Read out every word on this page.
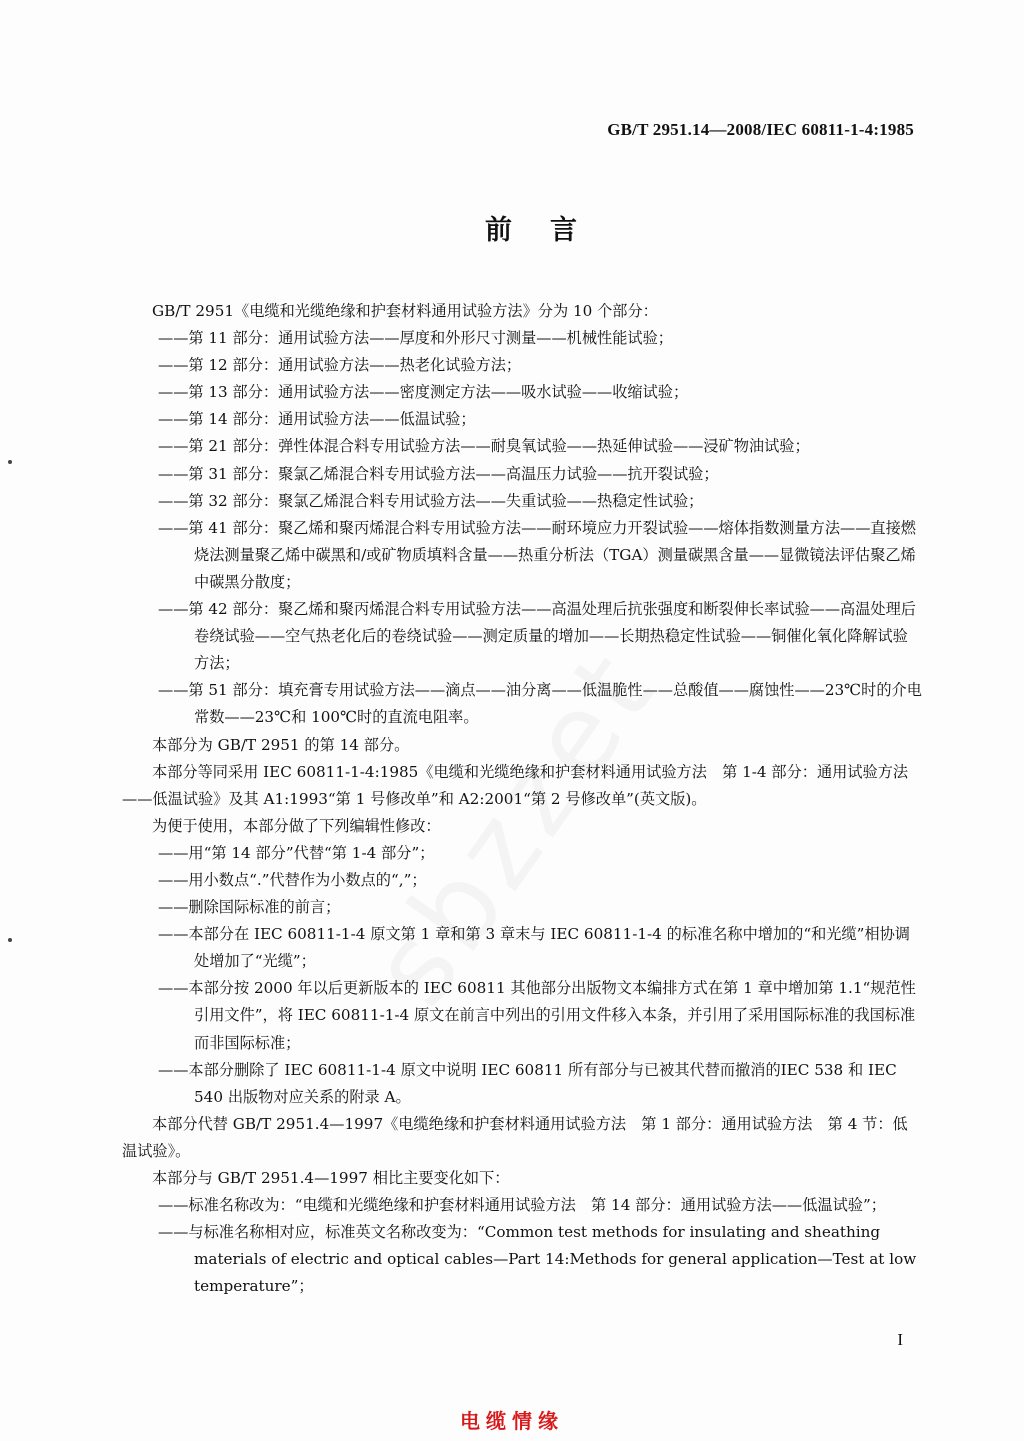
GB/T 2951.14—2008/IEC 60811-1-4:1985
前言

GB/T 2951《电缆和光缆绝缘和护套材料通用试验方法》分为 10 个部分：

——第 11 部分：通用试验方法——厚度和外形尺寸测量——机械性能试验；

——第 12 部分：通用试验方法——热老化试验方法；

——第 13 部分：通用试验方法——密度测定方法——吸水试验——收缩试验；

——第 14 部分：通用试验方法——低温试验；

——第 21 部分：弹性体混合料专用试验方法——耐臭氧试验——热延伸试验——浸矿物油试验；

——第 31 部分：聚氯乙烯混合料专用试验方法——高温压力试验——抗开裂试验；

——第 32 部分：聚氯乙烯混合料专用试验方法——失重试验——热稳定性试验；

——第 41 部分：聚乙烯和聚丙烯混合料专用试验方法——耐环境应力开裂试验——熔体指数测量方法——直接燃烧法测量聚乙烯中碳黑和/或矿物质填料含量——热重分析法（TGA）测量碳黑含量——显微镜法评估聚乙烯中碳黑分散度；

——第 42 部分：聚乙烯和聚丙烯混合料专用试验方法——高温处理后抗张强度和断裂伸长率试验——高温处理后卷绕试验——空气热老化后的卷绕试验——测定质量的增加——长期热稳定性试验——铜催化氧化降解试验方法；

——第 51 部分：填充膏专用试验方法——滴点——油分离——低温脆性——总酸值——腐蚀性——23℃时的介电常数——23℃和 100℃时的直流电阻率。

本部分为 GB/T 2951 的第 14 部分。

本部分等同采用 IEC 60811-1-4:1985《电缆和光缆绝缘和护套材料通用试验方法　第 1-4 部分：通用试验方法——低温试验》及其 A1:1993“第 1 号修改单”和 A2:2001“第 2 号修改单”(英文版)。

为便于使用，本部分做了下列编辑性修改：

——用“第 14 部分”代替“第 1-4 部分”；

——用小数点“.”代替作为小数点的“,”；

——删除国际标准的前言；

——本部分在 IEC 60811-1-4 原文第 1 章和第 3 章末与 IEC 60811-1-4 的标准名称中增加的“和光缆”相协调处增加了“光缆”；

——本部分按 2000 年以后更新版本的 IEC 60811 其他部分出版物文本编排方式在第 1 章中增加第 1.1“规范性引用文件”，将 IEC 60811-1-4 原文在前言中列出的引用文件移入本条，并引用了采用国际标准的我国标准而非国际标准；

——本部分删除了 IEC 60811-1-4 原文中说明 IEC 60811 所有部分与已被其代替而撤消的IEC 538 和 IEC 540 出版物对应关系的附录 A。

本部分代替 GB/T 2951.4—1997《电缆绝缘和护套材料通用试验方法　第 1 部分：通用试验方法　第 4 节：低温试验》。

本部分与 GB/T 2951.4—1997 相比主要变化如下：

——标准名称改为：“电缆和光缆绝缘和护套材料通用试验方法　第 14 部分：通用试验方法——低温试验”；

——与标准名称相对应，标准英文名称改变为：“Common test methods for insulating and sheathing materials of electric and optical cables—Part 14:Methods for general application—Test at low temperature”；

I
电缆情缘
